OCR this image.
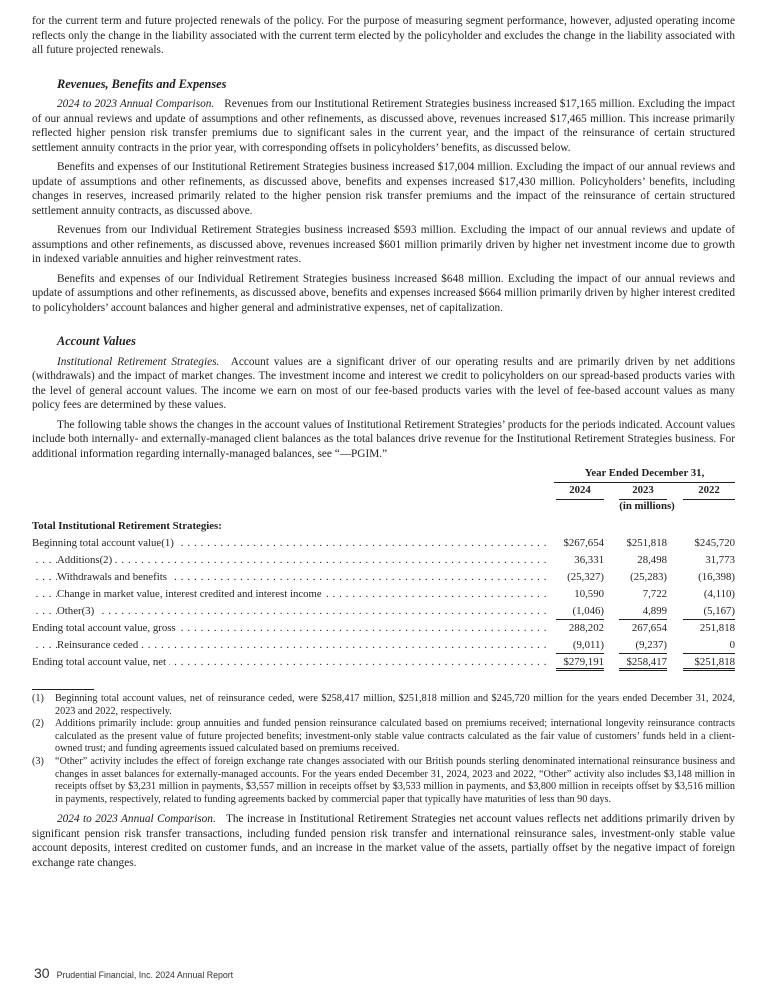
for the current term and future projected renewals of the policy. For the purpose of measuring segment performance, however, adjusted operating income reflects only the change in the liability associated with the current term elected by the policyholder and excludes the change in the liability associated with all future projected renewals.

Revenues, Benefits and Expenses

2024 to 2023 Annual Comparison. Revenues from our Institutional Retirement Strategies business increased $17,165 million. Excluding the impact of our annual reviews and update of assumptions and other refinements, as discussed above, revenues increased $17,465 million. This increase primarily reflected higher pension risk transfer premiums due to significant sales in the current year, and the impact of the reinsurance of certain structured settlement annuity contracts in the prior year, with corresponding offsets in policyholders’ benefits, as discussed below.

Benefits and expenses of our Institutional Retirement Strategies business increased $17,004 million. Excluding the impact of our annual reviews and update of assumptions and other refinements, as discussed above, benefits and expenses increased $17,430 million. Policyholders’ benefits, including changes in reserves, increased primarily related to the higher pension risk transfer premiums and the impact of the reinsurance of certain structured settlement annuity contracts, as discussed above.

Revenues from our Individual Retirement Strategies business increased $593 million. Excluding the impact of our annual reviews and update of assumptions and other refinements, as discussed above, revenues increased $601 million primarily driven by higher net investment income due to growth in indexed variable annuities and higher reinvestment rates.

Benefits and expenses of our Individual Retirement Strategies business increased $648 million. Excluding the impact of our annual reviews and update of assumptions and other refinements, as discussed above, benefits and expenses increased $664 million primarily driven by higher interest credited to policyholders’ account balances and higher general and administrative expenses, net of capitalization.

Account Values

Institutional Retirement Strategies. Account values are a significant driver of our operating results and are primarily driven by net additions (withdrawals) and the impact of market changes. The investment income and interest we credit to policyholders on our spread-based products varies with the level of general account values. The income we earn on most of our fee-based products varies with the level of fee-based account values as many policy fees are determined by these values.

The following table shows the changes in the account values of Institutional Retirement Strategies’ products for the periods indicated. Account values include both internally- and externally-managed client balances as the total balances drive revenue for the Institutional Retirement Strategies business. For additional information regarding internally-managed balances, see “—PGIM.”

Year Ended December 31,
2024	2023	2022
(in millions)
Total Institutional Retirement Strategies:
Beginning total account value(1) . . .	$267,654	$251,818	$245,720
Additions(2) . . .	36,331	28,498	31,773
Withdrawals and benefits . . .	(25,327)	(25,283)	(16,398)
Change in market value, interest credited and interest income . . .	10,590	7,722	(4,110)
Other(3) . . .	(1,046)	4,899	(5,167)
Ending total account value, gross . . .	288,202	267,654	251,818
Reinsurance ceded . . .	(9,011)	(9,237)	0
Ending total account value, net . . .	$279,191	$258,417	$251,818
(1)	Beginning total account values, net of reinsurance ceded, were $258,417 million, $251,818 million and $245,720 million for the years ended December 31, 2024, 2023 and 2022, respectively.
(2)	Additions primarily include: group annuities and funded pension reinsurance calculated based on premiums received; international longevity reinsurance contracts calculated as the present value of future projected benefits; investment-only stable value contracts calculated as the fair value of customers’ funds held in a client-owned trust; and funding agreements issued calculated based on premiums received.
(3)	“Other” activity includes the effect of foreign exchange rate changes associated with our British pounds sterling denominated international reinsurance business and changes in asset balances for externally-managed accounts. For the years ended December 31, 2024, 2023 and 2022, “Other” activity also includes $3,148 million in receipts offset by $3,231 million in payments, $3,557 million in receipts offset by $3,533 million in payments, and $3,800 million in receipts offset by $3,516 million in payments, respectively, related to funding agreements backed by commercial paper that typically have maturities of less than 90 days.

2024 to 2023 Annual Comparison. The increase in Institutional Retirement Strategies net account values reflects net additions primarily driven by significant pension risk transfer transactions, including funded pension risk transfer and international reinsurance sales, investment-only stable value account deposits, interest credited on customer funds, and an increase in the market value of the assets, partially offset by the negative impact of foreign exchange rate changes.

30 Prudential Financial, Inc. 2024 Annual Report
